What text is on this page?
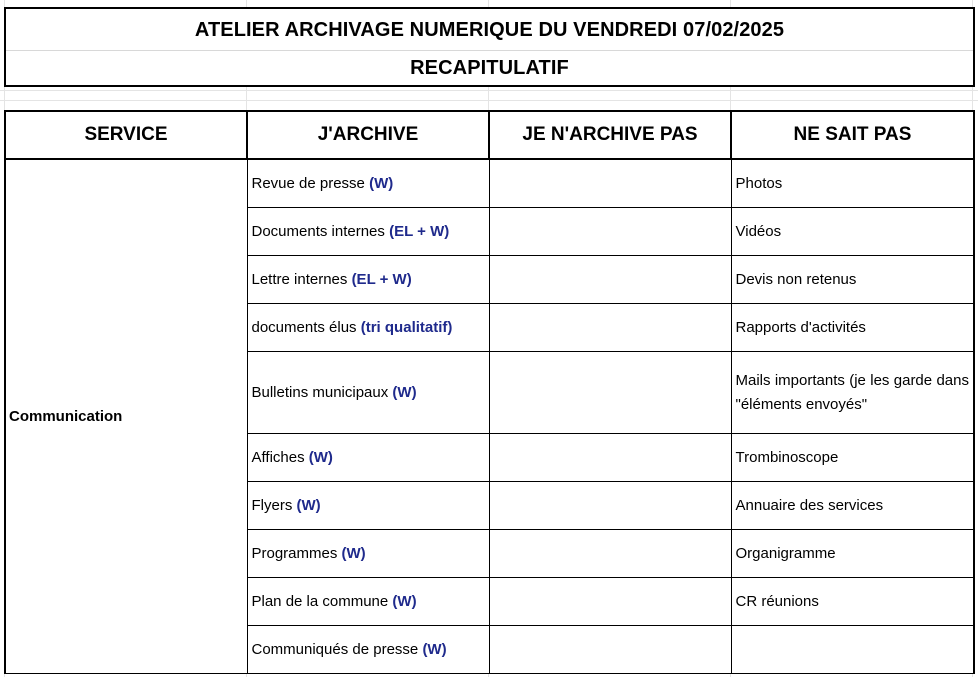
ATELIER ARCHIVAGE NUMERIQUE DU VENDREDI 07/02/2025
RECAPITULATIF
SERVICE	J'ARCHIVE	JE N'ARCHIVE PAS	NE SAIT PAS
Communication	Revue de presse (W)		Photos
	Documents internes (EL + W)		Vidéos
	Lettre internes (EL + W)		Devis non retenus
	documents élus (tri qualitatif)		Rapports d'activités
	Bulletins municipaux (W)		Mails importants (je les garde dans "éléments envoyés"
	Affiches (W)		Trombinoscope
	Flyers (W)		Annuaire des services
	Programmes (W)		Organigramme
	Plan de la commune (W)		CR réunions
	Communiqués de presse (W)		
